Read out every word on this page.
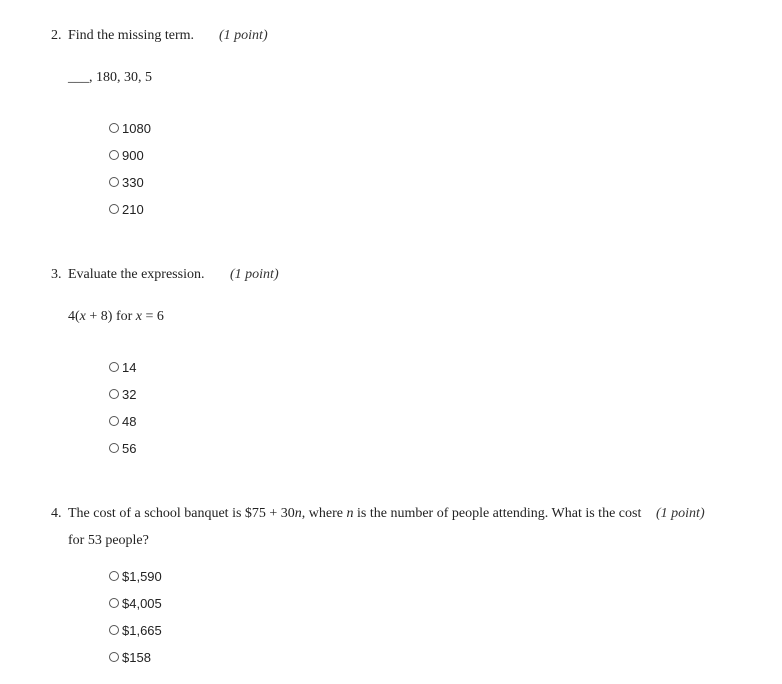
2. Find the missing term. (1 point)
___, 180, 30, 5
1080
900
330
210
3. Evaluate the expression. (1 point)
4(x + 8) for x = 6
14
32
48
56
4. The cost of a school banquet is $75 + 30n, where n is the number of people attending. What is the cost for 53 people?
(1 point)
$1,590
$4,005
$1,665
$158
